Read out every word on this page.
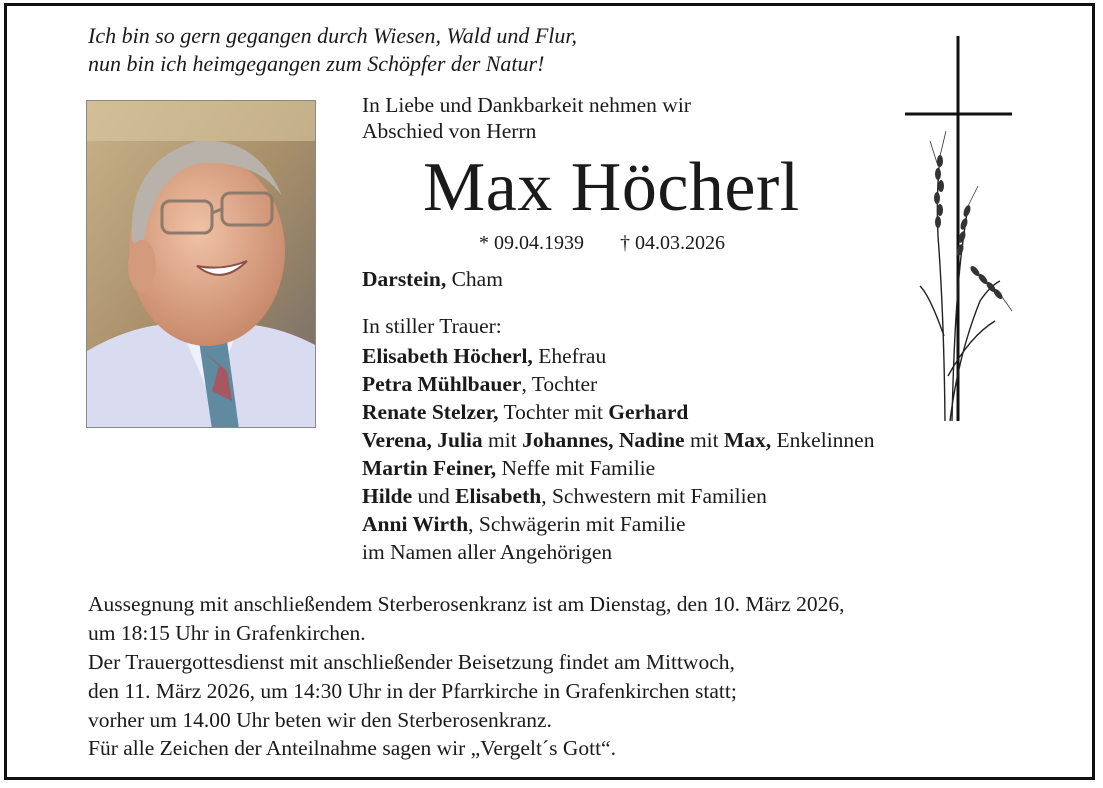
Ich bin so gern gegangen durch Wiesen, Wald und Flur,
nun bin ich heimgegangen zum Schöpfer der Natur!
In Liebe und Dankbarkeit nehmen wir
Abschied von Herrn
Max Höcherl
* 09.04.1939 † 04.03.2026
Darstein, Cham
In stiller Trauer:
Elisabeth Höcherl, Ehefrau
Petra Mühlbauer, Tochter
Renate Stelzer, Tochter mit Gerhard
Verena, Julia mit Johannes, Nadine mit Max, Enkelinnen
Martin Feiner, Neffe mit Familie
Hilde und Elisabeth, Schwestern mit Familien
Anni Wirth, Schwägerin mit Familie
im Namen aller Angehörigen
Aussegnung mit anschließendem Sterberosenkranz ist am Dienstag, den 10. März 2026,
um 18:15 Uhr in Grafenkirchen.
Der Trauergottesdienst mit anschließender Beisetzung findet am Mittwoch,
den 11. März 2026, um 14:30 Uhr in der Pfarrkirche in Grafenkirchen statt;
vorher um 14.00 Uhr beten wir den Sterberosenkranz.
Für alle Zeichen der Anteilnahme sagen wir „Vergelt´s Gott“.
